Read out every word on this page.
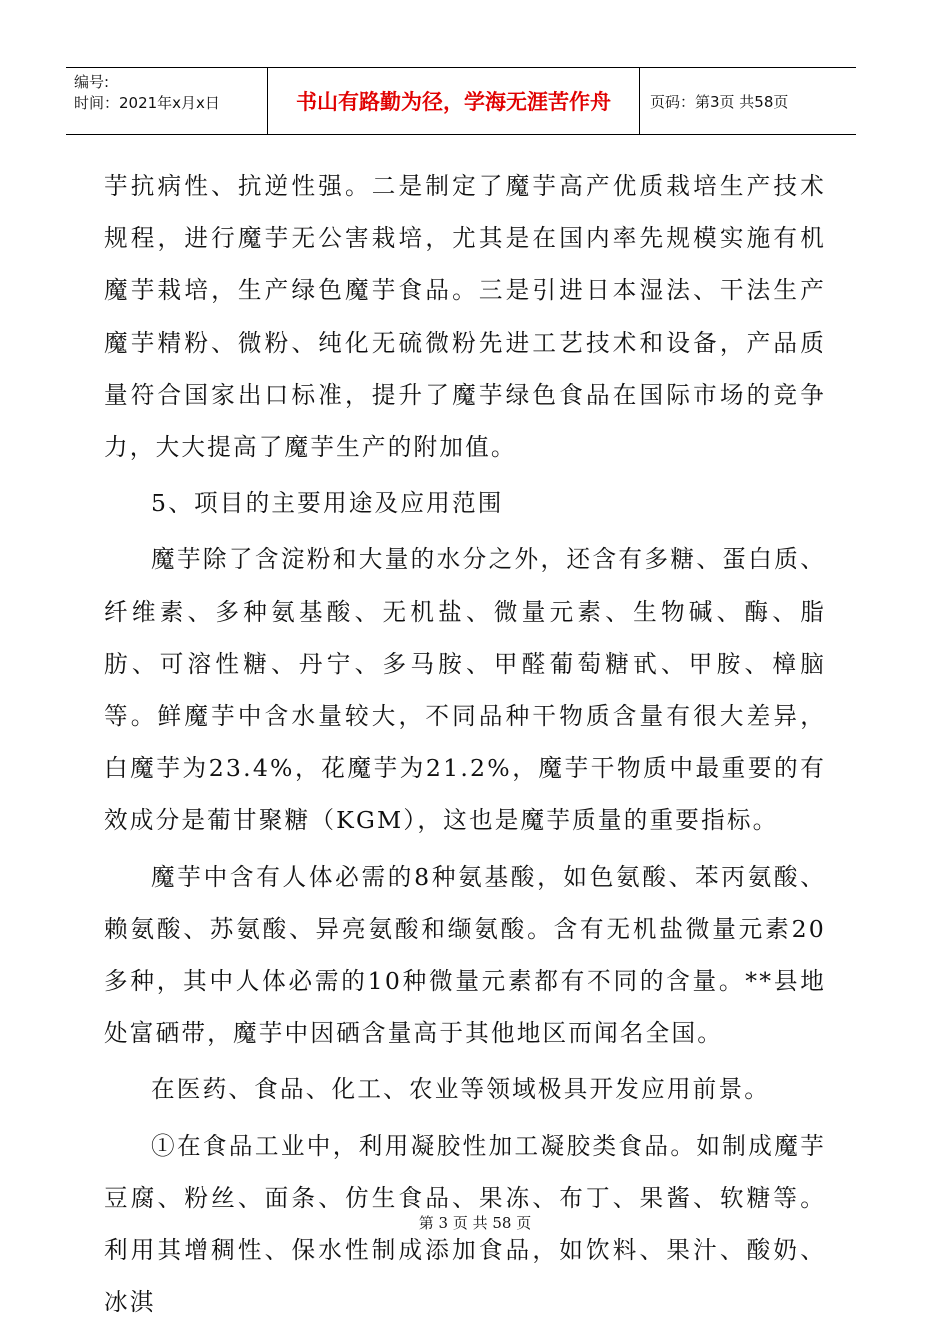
编号:
时间：2021年x月x日	书山有路勤为径，学海无涯苦作舟	页码：第3页 共58页

芋抗病性、抗逆性强。二是制定了魔芋高产优质栽培生产技术规程，进行魔芋无公害栽培，尤其是在国内率先规模实施有机魔芋栽培，生产绿色魔芋食品。三是引进日本湿法、干法生产魔芋精粉、微粉、纯化无硫微粉先进工艺技术和设备，产品质量符合国家出口标准，提升了魔芋绿色食品在国际市场的竞争力，大大提高了魔芋生产的附加值。

5、项目的主要用途及应用范围

魔芋除了含淀粉和大量的水分之外，还含有多糖、蛋白质、纤维素、多种氨基酸、无机盐、微量元素、生物碱、酶、脂肪、可溶性糖、丹宁、多马胺、甲醛葡萄糖甙、甲胺、樟脑等。鲜魔芋中含水量较大，不同品种干物质含量有很大差异，白魔芋为23.4%，花魔芋为21.2%，魔芋干物质中最重要的有效成分是葡甘聚糖（KGM），这也是魔芋质量的重要指标。

魔芋中含有人体必需的8种氨基酸，如色氨酸、苯丙氨酸、赖氨酸、苏氨酸、异亮氨酸和缬氨酸。含有无机盐微量元素20多种，其中人体必需的10种微量元素都有不同的含量。**县地处富硒带，魔芋中因硒含量高于其他地区而闻名全国。

在医药、食品、化工、农业等领域极具开发应用前景。

①在食品工业中，利用凝胶性加工凝胶类食品。如制成魔芋豆腐、粉丝、面条、仿生食品、果冻、布丁、果酱、软糖等。利用其增稠性、保水性制成添加食品，如饮料、果汁、酸奶、冰淇

第 3 页 共 58 页
